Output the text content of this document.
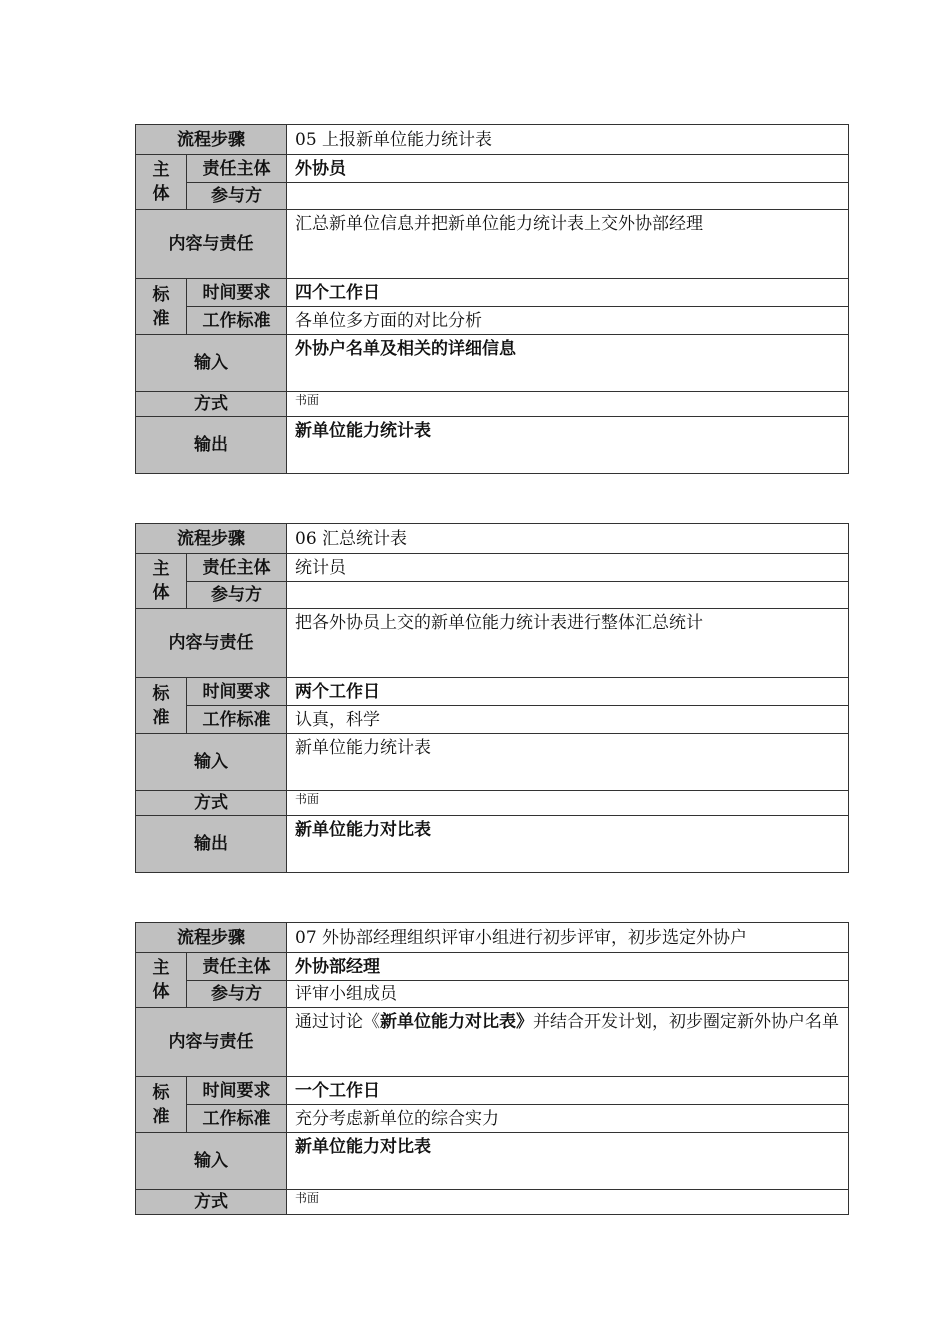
流程步骤		05 上报新单位能力统计表
主
体	责任主体	外协员
	参与方	
内容与责任		汇总新单位信息并把新单位能力统计表上交外协部经理
标
准	时间要求	四个工作日
	工作标准	各单位多方面的对比分析
输入		外协户名单及相关的详细信息
方式		书面
输出		新单位能力统计表
流程步骤		06 汇总统计表
主
体	责任主体	统计员
	参与方	
内容与责任		把各外协员上交的新单位能力统计表进行整体汇总统计
标
准	时间要求	两个工作日
	工作标准	认真，科学
输入		新单位能力统计表
方式		书面
输出		新单位能力对比表
流程步骤		07 外协部经理组织评审小组进行初步评审，初步选定外协户
主
体	责任主体	外协部经理
	参与方	评审小组成员
内容与责任		通过讨论《新单位能力对比表》并结合开发计划，初步圈定新外协户名单
标
准	时间要求	一个工作日
	工作标准	充分考虑新单位的综合实力
输入		新单位能力对比表
方式		书面
